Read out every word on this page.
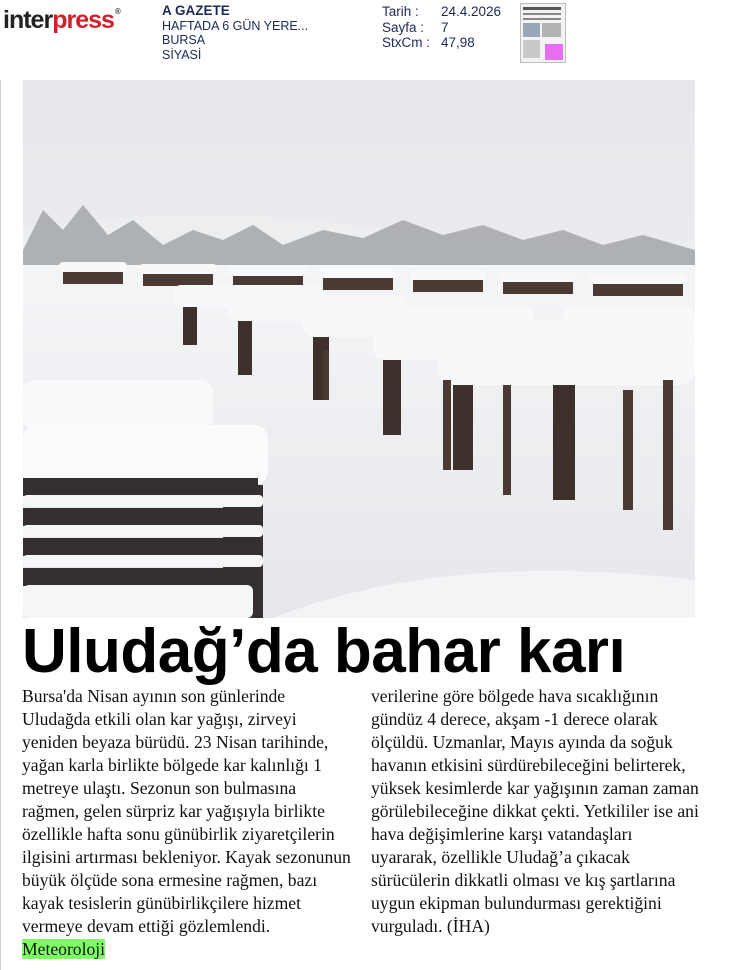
interpress®	A GAZETE
HAFTADA 6 GÜN YERE...
BURSA
SİYASİ
Tarih :	24.4.2026
Sayfa :	7
StxCm : 47,98
Uludağ’da bahar karı
Bursa'da Nisan ayının son günlerinde Uludağda etkili olan kar yağışı, zirveyi yeniden beyaza bürüdü. 23 Nisan tarihinde, yağan karla birlikte bölgede kar kalınlığı 1 metreye ulaştı. Sezonun son bulmasına rağmen, gelen sürpriz kar yağışıyla birlikte özellikle hafta sonu günübirlik ziyaretçilerin ilgisini artırması bekleniyor. Kayak sezonunun büyük ölçüde sona ermesine rağmen, bazı kayak tesislerin günübirlikçilere hizmet vermeye devam ettiği gözlemlendi. Meteoroloji
verilerine göre bölgede hava sıcaklığının gündüz 4 derece, akşam -1 derece olarak ölçüldü. Uzmanlar, Mayıs ayında da soğuk havanın etkisini sürdürebileceğini belirterek, yüksek kesimlerde kar yağışının zaman zaman görülebileceğine dikkat çekti. Yetkililer ise ani hava değişimlerine karşı vatandaşları uyararak, özellikle Uludağ’a çıkacak sürücülerin dikkatli olması ve kış şartlarına uygun ekipman bulundurması gerektiğini vurguladı. (İHA)
